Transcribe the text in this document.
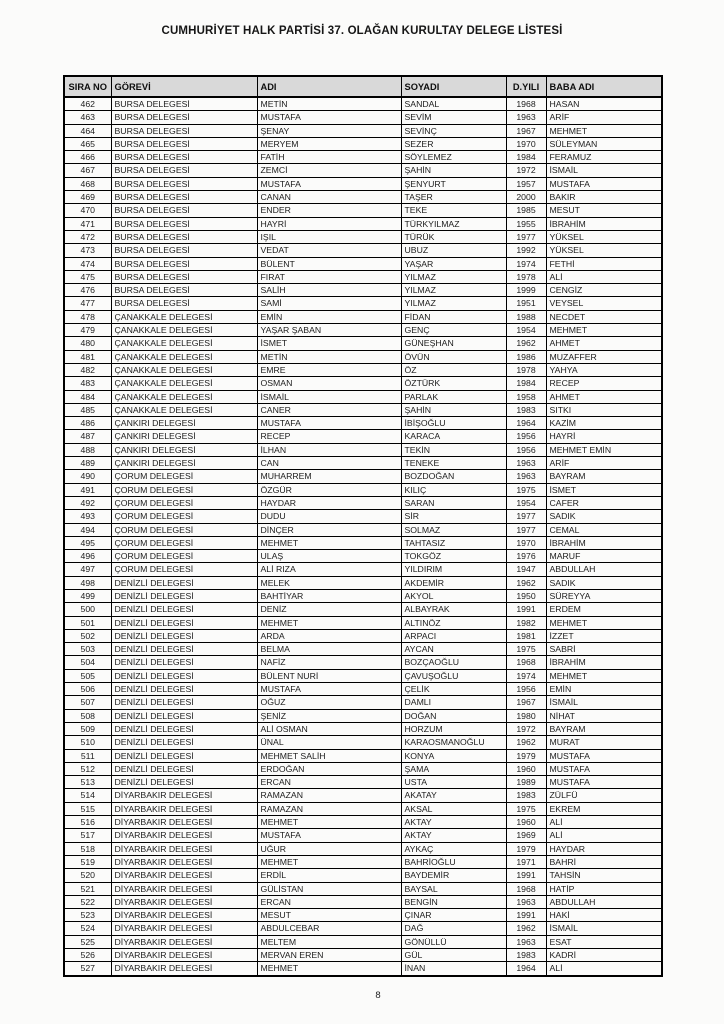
CUMHURİYET HALK PARTİSİ 37. OLAĞAN KURULTAY DELEGE LİSTESİ
SIRA NO	GÖREVİ	ADI	SOYADI	D.YILI	BABA ADI
462	BURSA DELEGESİ	METİN	SANDAL	1968	HASAN
463	BURSA DELEGESİ	MUSTAFA	SEVİM	1963	ARİF
464	BURSA DELEGESİ	ŞENAY	SEVİNÇ	1967	MEHMET
465	BURSA DELEGESİ	MERYEM	SEZER	1970	SÜLEYMAN
466	BURSA DELEGESİ	FATİH	SÖYLEMEZ	1984	FERAMUZ
467	BURSA DELEGESİ	ZEMCİ	ŞAHİN	1972	İSMAİL
468	BURSA DELEGESİ	MUSTAFA	ŞENYURT	1957	MUSTAFA
469	BURSA DELEGESİ	CANAN	TAŞER	2000	BAKIR
470	BURSA DELEGESİ	ENDER	TEKE	1985	MESUT
471	BURSA DELEGESİ	HAYRİ	TÜRKYILMAZ	1955	İBRAHİM
472	BURSA DELEGESİ	IŞIL	TÜRÜK	1977	YÜKSEL
473	BURSA DELEGESİ	VEDAT	UBUZ	1992	YÜKSEL
474	BURSA DELEGESİ	BÜLENT	YAŞAR	1974	FETHİ
475	BURSA DELEGESİ	FIRAT	YILMAZ	1978	ALİ
476	BURSA DELEGESİ	SALİH	YILMAZ	1999	CENGİZ
477	BURSA DELEGESİ	SAMİ	YILMAZ	1951	VEYSEL
478	ÇANAKKALE DELEGESİ	EMİN	FİDAN	1988	NECDET
479	ÇANAKKALE DELEGESİ	YAŞAR ŞABAN	GENÇ	1954	MEHMET
480	ÇANAKKALE DELEGESİ	İSMET	GÜNEŞHAN	1962	AHMET
481	ÇANAKKALE DELEGESİ	METİN	ÖVÜN	1986	MUZAFFER
482	ÇANAKKALE DELEGESİ	EMRE	ÖZ	1978	YAHYA
483	ÇANAKKALE DELEGESİ	OSMAN	ÖZTÜRK	1984	RECEP
484	ÇANAKKALE DELEGESİ	İSMAİL	PARLAK	1958	AHMET
485	ÇANAKKALE DELEGESİ	CANER	ŞAHİN	1983	SITKI
486	ÇANKIRI DELEGESİ	MUSTAFA	İBİŞOĞLU	1964	KAZİM
487	ÇANKIRI DELEGESİ	RECEP	KARACA	1956	HAYRİ
488	ÇANKIRI DELEGESİ	İLHAN	TEKİN	1956	MEHMET EMİN
489	ÇANKIRI DELEGESİ	CAN	TENEKE	1963	ARİF
490	ÇORUM DELEGESİ	MUHARREM	BOZDOĞAN	1963	BAYRAM
491	ÇORUM DELEGESİ	ÖZGÜR	KILIÇ	1975	İSMET
492	ÇORUM DELEGESİ	HAYDAR	SARAN	1954	CAFER
493	ÇORUM DELEGESİ	DUDU	SİR	1977	SADIK
494	ÇORUM DELEGESİ	DİNÇER	SOLMAZ	1977	CEMAL
495	ÇORUM DELEGESİ	MEHMET	TAHTASIZ	1970	İBRAHİM
496	ÇORUM DELEGESİ	ULAŞ	TOKGÖZ	1976	MARUF
497	ÇORUM DELEGESİ	ALİ RIZA	YILDIRIM	1947	ABDULLAH
498	DENİZLİ DELEGESİ	MELEK	AKDEMİR	1962	SADIK
499	DENİZLİ DELEGESİ	BAHTİYAR	AKYOL	1950	SÜREYYA
500	DENİZLİ DELEGESİ	DENİZ	ALBAYRAK	1991	ERDEM
501	DENİZLİ DELEGESİ	MEHMET	ALTINÖZ	1982	MEHMET
502	DENİZLİ DELEGESİ	ARDA	ARPACI	1981	İZZET
503	DENİZLİ DELEGESİ	BELMA	AYCAN	1975	SABRİ
504	DENİZLİ DELEGESİ	NAFİZ	BOZÇAOĞLU	1968	İBRAHİM
505	DENİZLİ DELEGESİ	BÜLENT NURİ	ÇAVUŞOĞLU	1974	MEHMET
506	DENİZLİ DELEGESİ	MUSTAFA	ÇELİK	1956	EMİN
507	DENİZLİ DELEGESİ	OĞUZ	DAMLI	1967	İSMAİL
508	DENİZLİ DELEGESİ	ŞENİZ	DOĞAN	1980	NİHAT
509	DENİZLİ DELEGESİ	ALİ OSMAN	HORZUM	1972	BAYRAM
510	DENİZLİ DELEGESİ	ÜNAL	KARAOSMANOĞLU	1962	MURAT
511	DENİZLİ DELEGESİ	MEHMET SALİH	KONYA	1979	MUSTAFA
512	DENİZLİ DELEGESİ	ERDOĞAN	ŞAMA	1960	MUSTAFA
513	DENİZLİ DELEGESİ	ERCAN	USTA	1989	MUSTAFA
514	DİYARBAKIR DELEGESİ	RAMAZAN	AKATAY	1983	ZÜLFÜ
515	DİYARBAKIR DELEGESİ	RAMAZAN	AKSAL	1975	EKREM
516	DİYARBAKIR DELEGESİ	MEHMET	AKTAY	1960	ALİ
517	DİYARBAKIR DELEGESİ	MUSTAFA	AKTAY	1969	ALİ
518	DİYARBAKIR DELEGESİ	UĞUR	AYKAÇ	1979	HAYDAR
519	DİYARBAKIR DELEGESİ	MEHMET	BAHRİOĞLU	1971	BAHRİ
520	DİYARBAKIR DELEGESİ	ERDİL	BAYDEMİR	1991	TAHSİN
521	DİYARBAKIR DELEGESİ	GÜLİSTAN	BAYSAL	1968	HATİP
522	DİYARBAKIR DELEGESİ	ERCAN	BENGİN	1963	ABDULLAH
523	DİYARBAKIR DELEGESİ	MESUT	ÇINAR	1991	HAKİ
524	DİYARBAKIR DELEGESİ	ABDULCEBAR	DAĞ	1962	İSMAİL
525	DİYARBAKIR DELEGESİ	MELTEM	GÖNÜLLÜ	1963	ESAT
526	DİYARBAKIR DELEGESİ	MERVAN EREN	GÜL	1983	KADRİ
527	DİYARBAKIR DELEGESİ	MEHMET	İNAN	1964	ALİ
8
